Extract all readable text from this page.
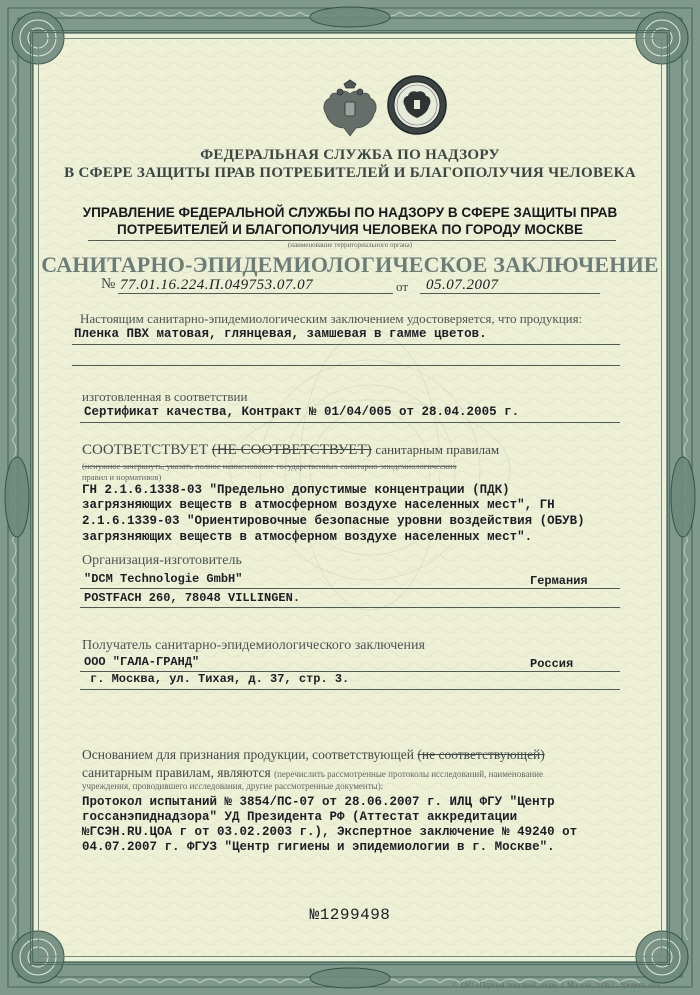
ФЕДЕРАЛЬНАЯ СЛУЖБА ПО НАДЗОРУ
В СФЕРЕ ЗАЩИТЫ ПРАВ ПОТРЕБИТЕЛЕЙ И БЛАГОПОЛУЧИЯ ЧЕЛОВЕКА
УПРАВЛЕНИЕ ФЕДЕРАЛЬНОЙ СЛУЖБЫ ПО НАДЗОРУ В СФЕРЕ ЗАЩИТЫ ПРАВ
ПОТРЕБИТЕЛЕЙ И БЛАГОПОЛУЧИЯ ЧЕЛОВЕКА ПО ГОРОДУ МОСКВЕ
(наименование территориального органа)
САНИТАРНО-ЭПИДЕМИОЛОГИЧЕСКОЕ ЗАКЛЮЧЕНИЕ
№ 77.01.16.224.П.049753.07.07	от 05.07.2007
Настоящим санитарно-эпидемиологическим заключением удостоверяется, что продукция:
Пленка ПВХ матовая, глянцевая, замшевая в гамме цветов.
изготовленная в соответствии
Сертификат качества, Контракт № 01/04/005 от 28.04.2005 г.
СООТВЕТСТВУЕТ (НЕ СООТВЕТСТВУЕТ) санитарным правилам
(ненужное зачеркнуть, указать полное наименование государственных санитарно-эпидемиологических
правил и нормативов)
ГН 2.1.6.1338-03 "Предельно допустимые концентрации (ПДК)
загрязняющих веществ в атмосферном воздухе населенных мест", ГН
2.1.6.1339-03 "Ориентировочные безопасные уровни воздействия (ОБУВ)
загрязняющих веществ в атмосферном воздухе населенных мест".
Организация-изготовитель
"DCM Technologie GmbH"	Германия
POSTFACH 260, 78048 VILLINGEN.
Получатель санитарно-эпидемиологического заключения
ООО "ГАЛА-ГРАНД"	Россия
г. Москва, ул. Тихая, д. 37, стр. 3.
Основанием для признания продукции, соответствующей (не соответствующей)
санитарным правилам, являются (перечислить рассмотренные протоколы исследований, наименование
учреждения, проводившего исследования, другие рассмотренные документы):
Протокол испытаний № 3854/ПС-07 от 28.06.2007 г. ИЛЦ ФГУ "Центр
госсанэпиднадзора" УД Президента РФ (Аттестат аккредитации
№ГСЭН.RU.ЦОА г от 03.02.2003 г.), Экспертное заключение № 49240 от
04.07.2007 г. ФГУЗ "Центр гигиены и эпидемиологии в г. Москве".
№1299498
© ЗАО «Первый печатный двор», г. Москва, 2006 г., Уровень «В»
